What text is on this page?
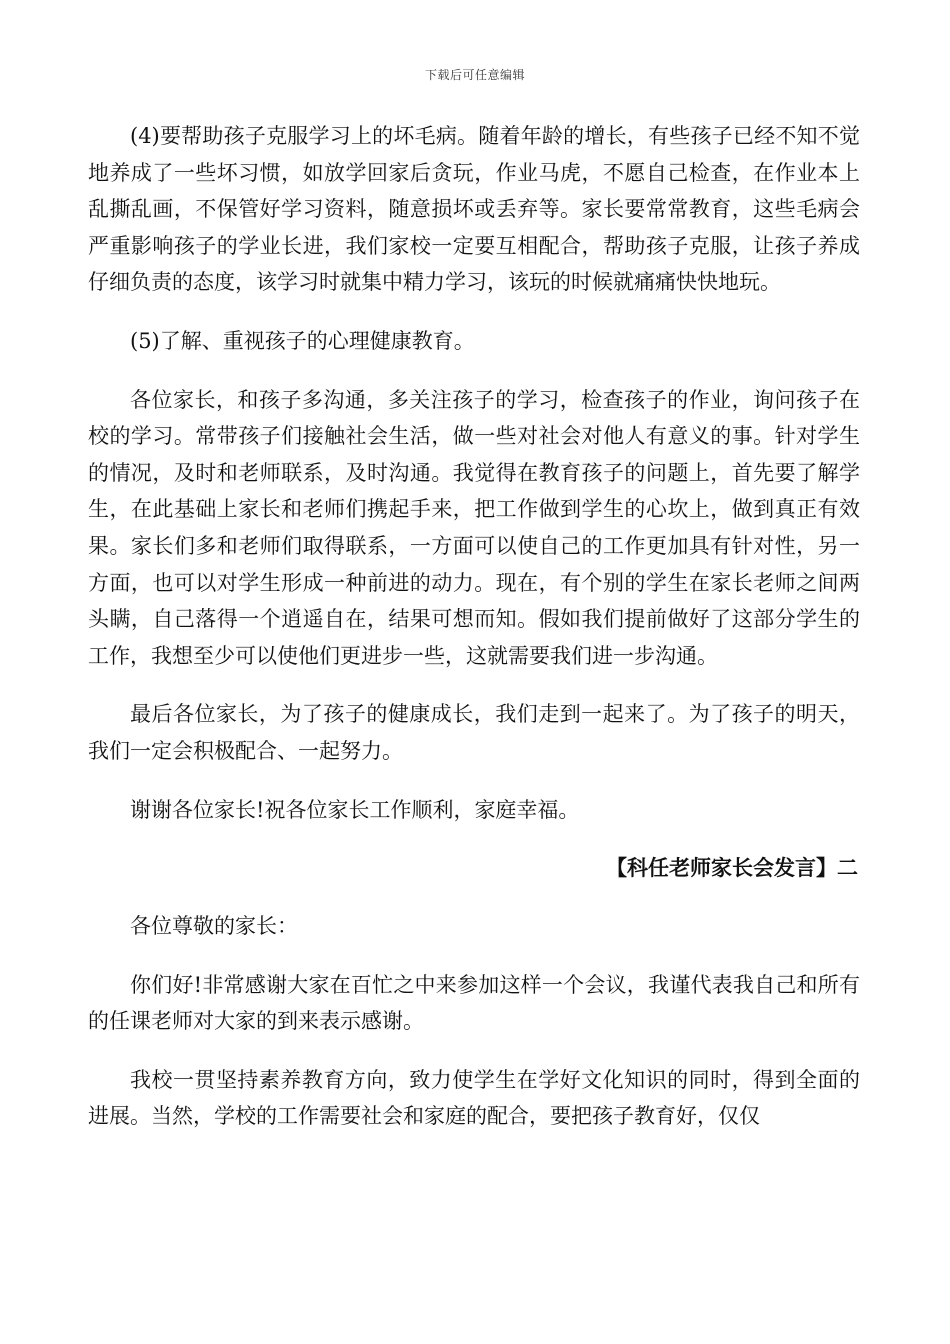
下载后可任意编辑

(4)要帮助孩子克服学习上的坏毛病。随着年龄的增长，有些孩子已经不知不觉地养成了一些坏习惯，如放学回家后贪玩，作业马虎，不愿自己检查，在作业本上乱撕乱画，不保管好学习资料，随意损坏或丢弃等。家长要常常教育，这些毛病会严重影响孩子的学业长进，我们家校一定要互相配合，帮助孩子克服，让孩子养成仔细负责的态度，该学习时就集中精力学习，该玩的时候就痛痛快快地玩。

(5)了解、重视孩子的心理健康教育。

各位家长，和孩子多沟通，多关注孩子的学习，检查孩子的作业，询问孩子在校的学习。常带孩子们接触社会生活，做一些对社会对他人有意义的事。针对学生的情况，及时和老师联系，及时沟通。我觉得在教育孩子的问题上，首先要了解学生，在此基础上家长和老师们携起手来，把工作做到学生的心坎上，做到真正有效果。家长们多和老师们取得联系，一方面可以使自己的工作更加具有针对性，另一方面，也可以对学生形成一种前进的动力。现在，有个别的学生在家长老师之间两头瞒，自己落得一个逍遥自在，结果可想而知。假如我们提前做好了这部分学生的工作，我想至少可以使他们更进步一些，这就需要我们进一步沟通。

最后各位家长，为了孩子的健康成长，我们走到一起来了。为了孩子的明天，我们一定会积极配合、一起努力。

谢谢各位家长!祝各位家长工作顺利，家庭幸福。

【科任老师家长会发言】二

各位尊敬的家长：

你们好!非常感谢大家在百忙之中来参加这样一个会议，我谨代表我自己和所有的任课老师对大家的到来表示感谢。

我校一贯坚持素养教育方向，致力使学生在学好文化知识的同时，得到全面的进展。当然，学校的工作需要社会和家庭的配合，要把孩子教育好，仅仅
